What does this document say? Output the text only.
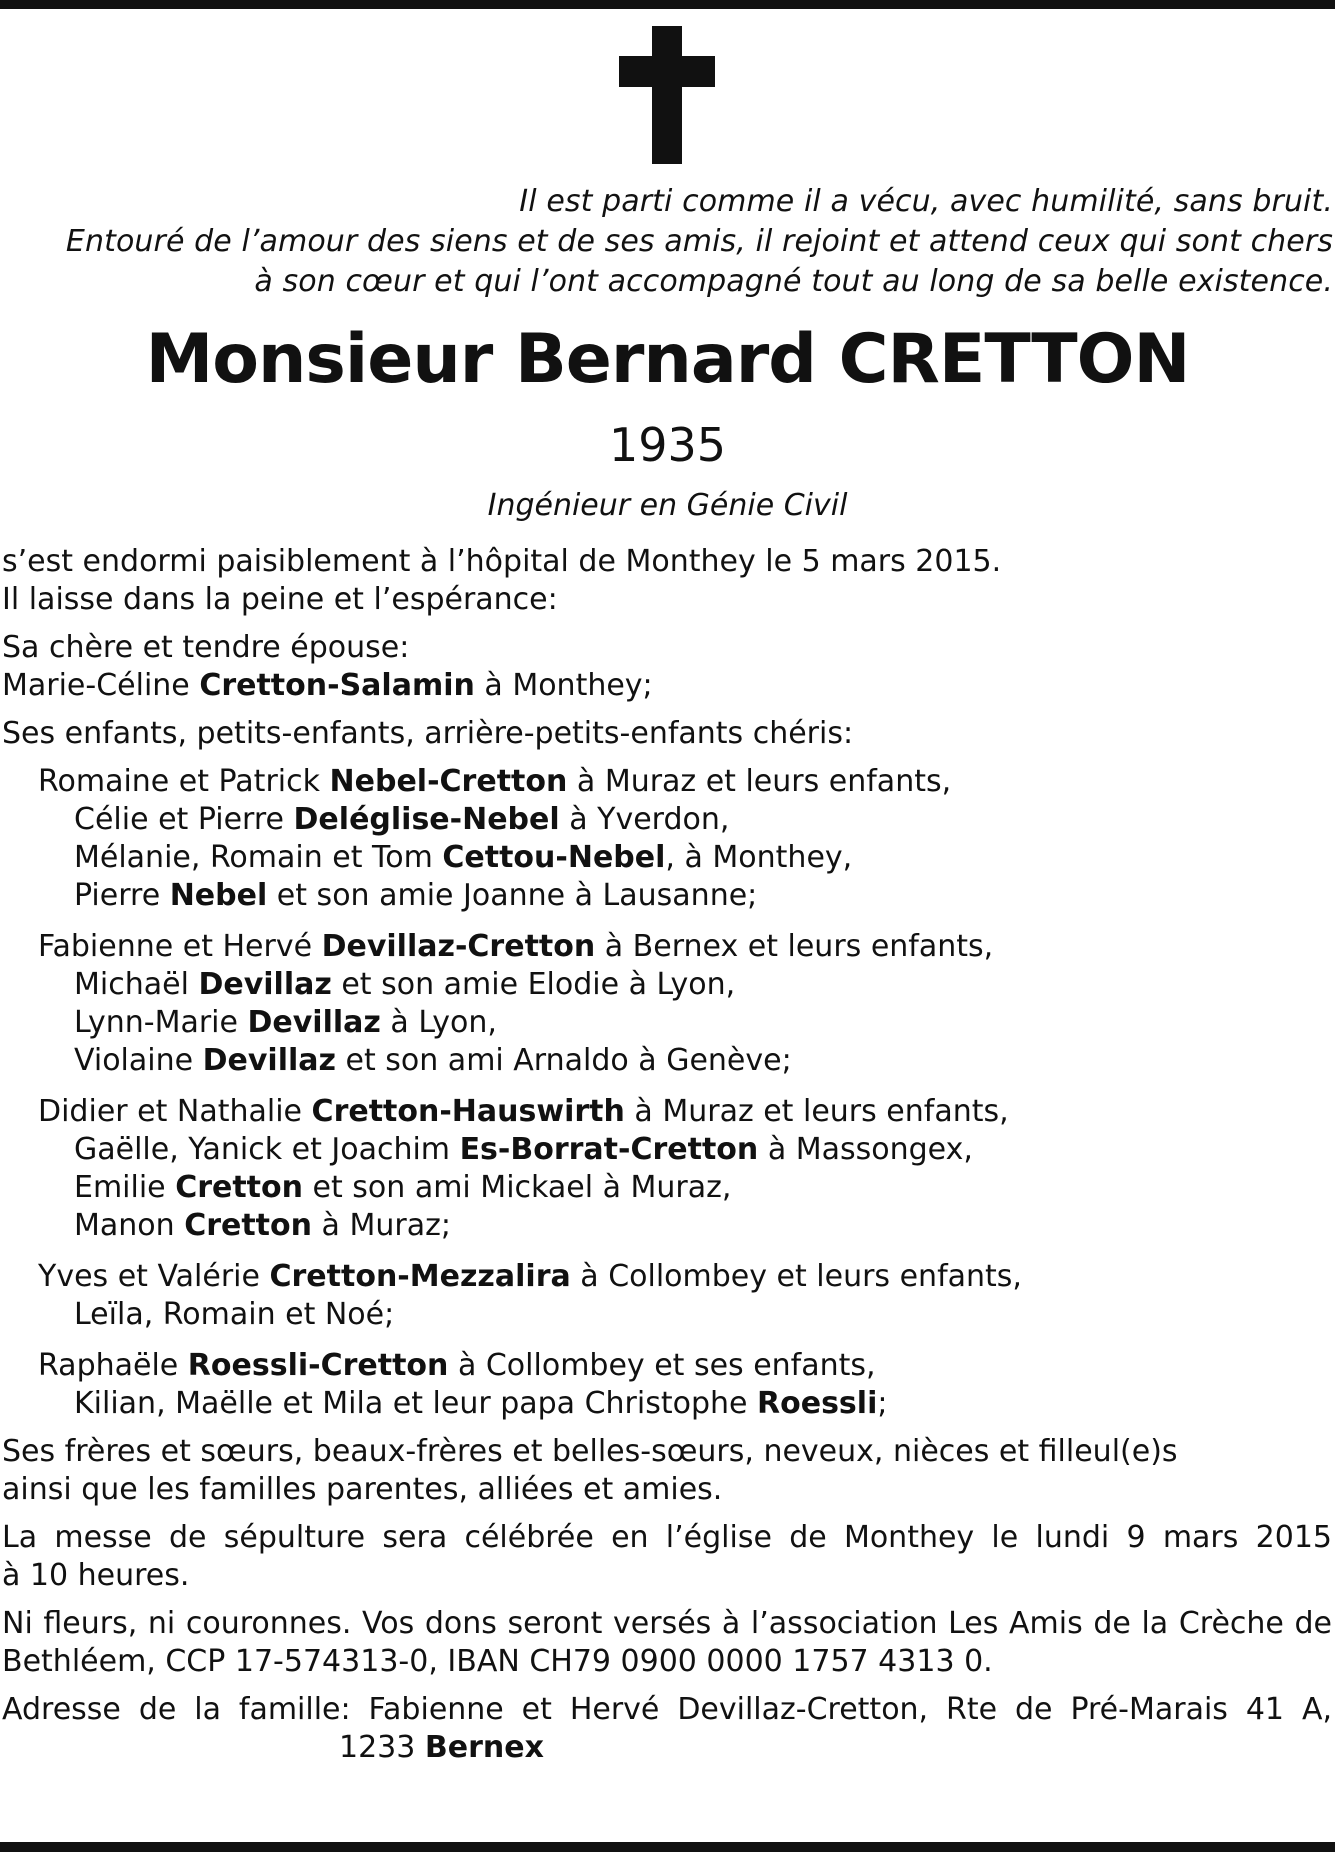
Il est parti comme il a vécu, avec humilité, sans bruit.
Entouré de l’amour des siens et de ses amis, il rejoint et attend ceux qui sont chers
à son cœur et qui l’ont accompagné tout au long de sa belle existence.
Monsieur Bernard CRETTON
1935
Ingénieur en Génie Civil
s’est endormi paisiblement à l’hôpital de Monthey le 5 mars 2015.
Il laisse dans la peine et l’espérance:
Sa chère et tendre épouse:
Marie-Céline Cretton-Salamin à Monthey;
Ses enfants, petits-enfants, arrière-petits-enfants chéris:
Romaine et Patrick Nebel-Cretton à Muraz et leurs enfants,
Célie et Pierre Deléglise-Nebel à Yverdon,
Mélanie, Romain et Tom Cettou-Nebel, à Monthey,
Pierre Nebel et son amie Joanne à Lausanne;
Fabienne et Hervé Devillaz-Cretton à Bernex et leurs enfants,
Michaël Devillaz et son amie Elodie à Lyon,
Lynn-Marie Devillaz à Lyon,
Violaine Devillaz et son ami Arnaldo à Genève;
Didier et Nathalie Cretton-Hauswirth à Muraz et leurs enfants,
Gaëlle, Yanick et Joachim Es-Borrat-Cretton à Massongex,
Emilie Cretton et son ami Mickael à Muraz,
Manon Cretton à Muraz;
Yves et Valérie Cretton-Mezzalira à Collombey et leurs enfants,
Leïla, Romain et Noé;
Raphaële Roessli-Cretton à Collombey et ses enfants,
Kilian, Maëlle et Mila et leur papa Christophe Roessli;
Ses frères et sœurs, beaux-frères et belles-sœurs, neveux, nièces et filleul(e)s
ainsi que les familles parentes, alliées et amies.
La messe de sépulture sera célébrée en l’église de Monthey le lundi 9 mars 2015
à 10 heures.
Ni fleurs, ni couronnes. Vos dons seront versés à l’association Les Amis de la Crèche de
Bethléem, CCP 17-574313-0, IBAN CH79 0900 0000 1757 4313 0.
Adresse de la famille: Fabienne et Hervé Devillaz-Cretton, Rte de Pré-Marais 41 A,
1233 Bernex
